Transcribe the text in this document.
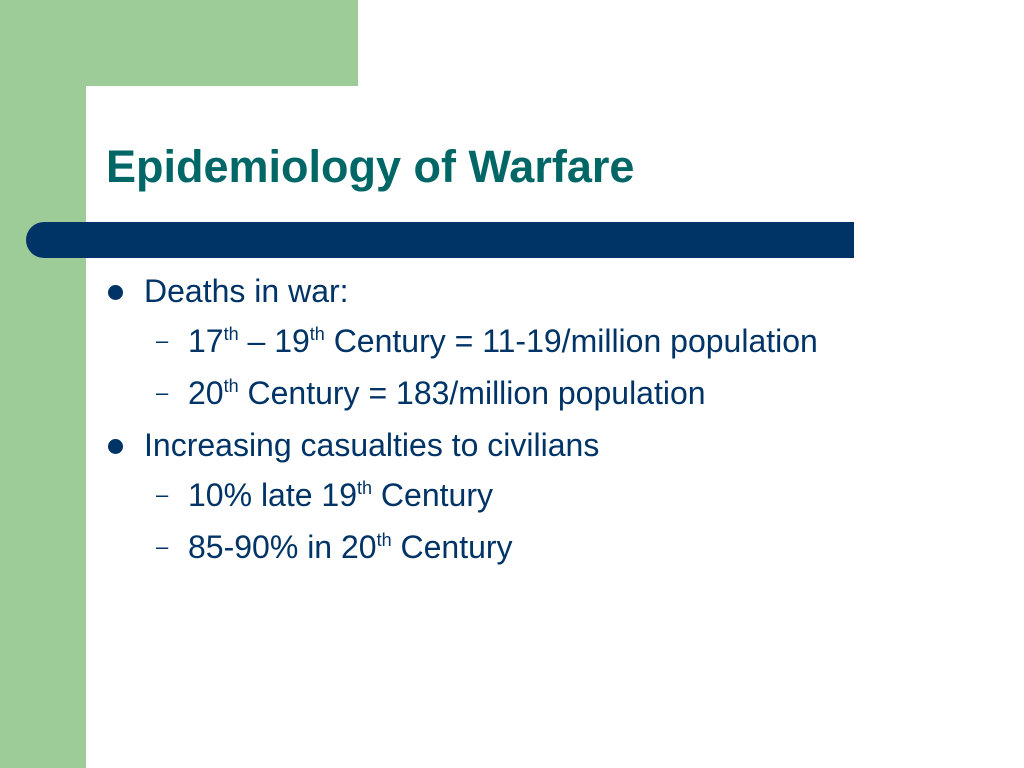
Epidemiology of Warfare

Deaths in war:

– 17th – 19th Century = 11-19/million population

– 20th Century = 183/million population

Increasing casualties to civilians

– 10% late 19th Century

– 85-90% in 20th Century
